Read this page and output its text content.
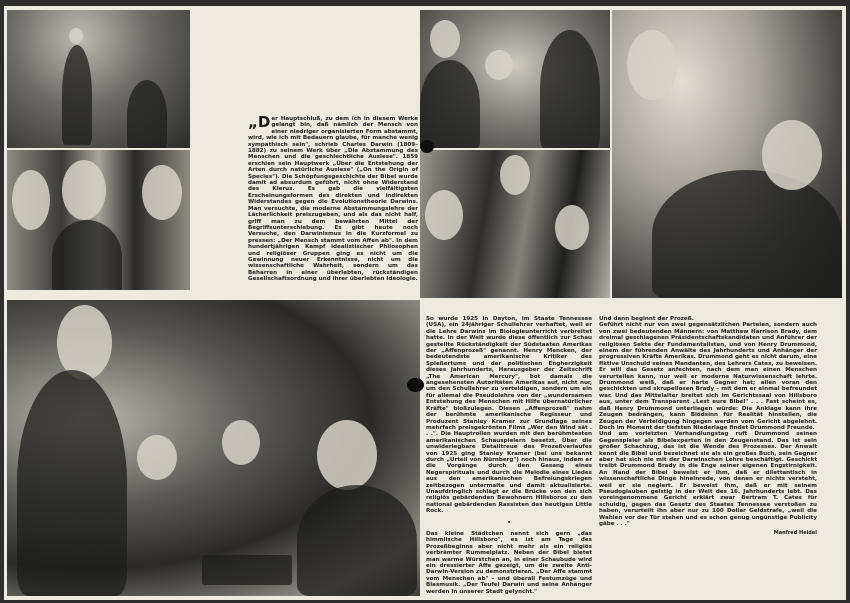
„Der Hauptschluß, zu dem ich in diesem Werke gelangt bin, daß nämlich der Mensch von einer niedriger organisierten Form abstammt, wird, wie ich mit Bedauern glaube, für manche wenig sympathisch sein", schrieb Charles Darwin (1809–1882) zu seinem Werk über „Die Abstammung des Menschen und die geschlechtliche Auslese". 1859 erschien sein Hauptwerk „Über die Entstehung der Arten durch natürliche Auslese" („On the Origin of Species"). Die Schöpfungsgeschichte der Bibel wurde damit ad absurdum geführt, nicht ohne Widerstand des Klerus. Es gab die vielfältigsten Erscheinungsformen des direkten und indirekten Widerstandes gegen die Evolutionstheorie Darwins. Man versuchte, die moderne Abstammungslehre der Lächerlichkeit preiszugeben, und als das nicht half, griff man zu dem bewährten Mittel der Begriffsunterschiebung. Es gibt heute noch Versuche, den Darwinismus in die Kurzformel zu pressen: „Der Mensch stammt vom Affen ab". In dem hundertjährigen Kampf idealistischer Philosophen und religiöser Gruppen ging es nicht um die Gewinnung neuer Erkenntnisse, nicht um die wissenschaftliche Wahrheit, sondern um das Beharren in einer überlebten, rückständigen Gesellschaftsordnung und ihrer überlebten Ideologie.

So wurde 1925 in Dayton, im Staate Tennessee (USA), ein 24jähriger Schullehrer verhaftet, weil er die Lehre Darwins im Biologieunterricht verbreitet hatte. In der Welt wurde diese öffentlich zur Schau gestellte Rückständigkeit der Südstaaten Amerikas der „Affenprozeß" genannt. Henry Mencken, der bedeutendste amerikanische Kritiker des Spießertums und der politischen Engherzigkeit dieses Jahrhunderts, Herausgeber der Zeitschrift „The American Mercury", bot damals die angesehensten Autoritäten Amerikas auf, nicht nur, um den Schullehrer zu verteidigen, sondern um ein für allemal die Pseudolehre von der „wundersamen Entstehung des Menschen mit Hilfe übernatürlicher Kräfte" bloßzulegen. Diesen „Affenprozeß" nahm der berühmte amerikanische Regisseur und Produzent Stanley Kramer zur Grundlage seines mehrfach preisgekrönten Films „Wer den Wind sät . . .". Die Hauptrollen wurden mit den berühmtesten amerikanischen Schauspielern besetzt. Über die unwiderlegbare Detailtreue des Prozeßverlaufes von 1925 ging Stanley Kramer (bei uns bekannt durch „Urteil von Nürnberg") noch hinaus, indem er die Vorgänge durch den Gesang eines Negerspirituals und durch die Melodie eines Liedes aus den amerikanischen Befreiungskriegen zeitbezogen untermalte und damit aktualisierte. Unaufdringlich schlägt er die Brücke von den sich religiös gebärdenden Bewohnern Hillsboros zu den national gebärdenden Rassisten des heutigen Little Rock.

•

Das kleine Städtchen nennt sich gern „das himmlische Hillsboro", es ist am Tage des Prozeßbeginns aber nicht mehr als ein religiös verbrämter Rummelplatz. Neben der Bibel bietet man warme Würstchen an, in einer Schaubude wird ein dressierter Affe gezeigt, um die zweite Anti-Darwin-Version zu demonstrieren. „Der Affe stammt vom Menschen ab" – und überall Festumzüge und Blasmusik. „Der Teufel Darwin und seine Anhänger werden in unserer Stadt gelyncht."

Und dann beginnt der Prozeß.

Geführt nicht nur von zwei gegensätzlichen Parteien, sondern auch von zwei bedeutenden Männern: von Matthew Harrison Brady, dem dreimal geschlagenen Präsidentschaftskandidaten und Anführer der religiösen Sekte der Fundamentalisten, und von Henry Drummond, einem der führenden Anwälte des Jahrhunderts und Anhänger der progressiven Kräfte Amerikas. Drummond geht es nicht darum, eine fiktive Unschuld seines Mandanten, des Lehrers Cates, zu beweisen. Er will das Gesetz anfechten, nach dem man einen Menschen verurteilen kann, nur weil er moderne Naturwissenschaft lehrte. Drummond weiß, daß er harte Gegner hat; allen voran den geschickten und skrupellosen Brady – mit dem er einmal befreundet war. Und das Mittelalter breitet sich im Gerichtssaal von Hillsboro aus, unter dem Transparent „Lest eure Bibel" . . . Fast scheint es, daß Henry Drummond unterliegen würde: Die Anklage kann ihre Zeugen bedrängen, kann Blödsinn für Realität hinstellen, die Zeugen der Verteidigung hingegen werden vom Gericht abgelehnt. Doch im Moment der tiefsten Niederlage findet Drummond Freunde.

Und am vorletzten Verhandlungstag ruft Drummond seinen Gegenspieler als Bibelexperten in den Zeugenstand. Das ist sein großer Schachzug, das ist die Wende des Prozesses. Der Anwalt kennt die Bibel und bezeichnet sie als ein großes Buch, sein Gegner aber hat sich nie mit der Darwinschen Lehre beschäftigt. Geschickt treibt Drummond Brady in die Enge seiner eigenen Engstirnigkeit. An Hand der Bibel beweist er ihm, daß er dilettantisch in wissenschaftliche Dinge hineinrede, von denen er nichts versteht, weil er sie negiert. Er beweist ihm, daß er mit seinem Pseudoglauben geistig in der Welt des 16. Jahrhunderts lebt. Das voreingenommene Gericht erklärt zwar Bertram T. Cates für schuldig, gegen das Gesetz des Staates Tennessee verstoßen zu haben, verurteilt ihn aber nur zu 100 Dollar Geldstrafe, „weil die Wahlen vor der Tür stehen und es schon genug ungünstige Publicity gäbe . . ."

Manfred Heidel
